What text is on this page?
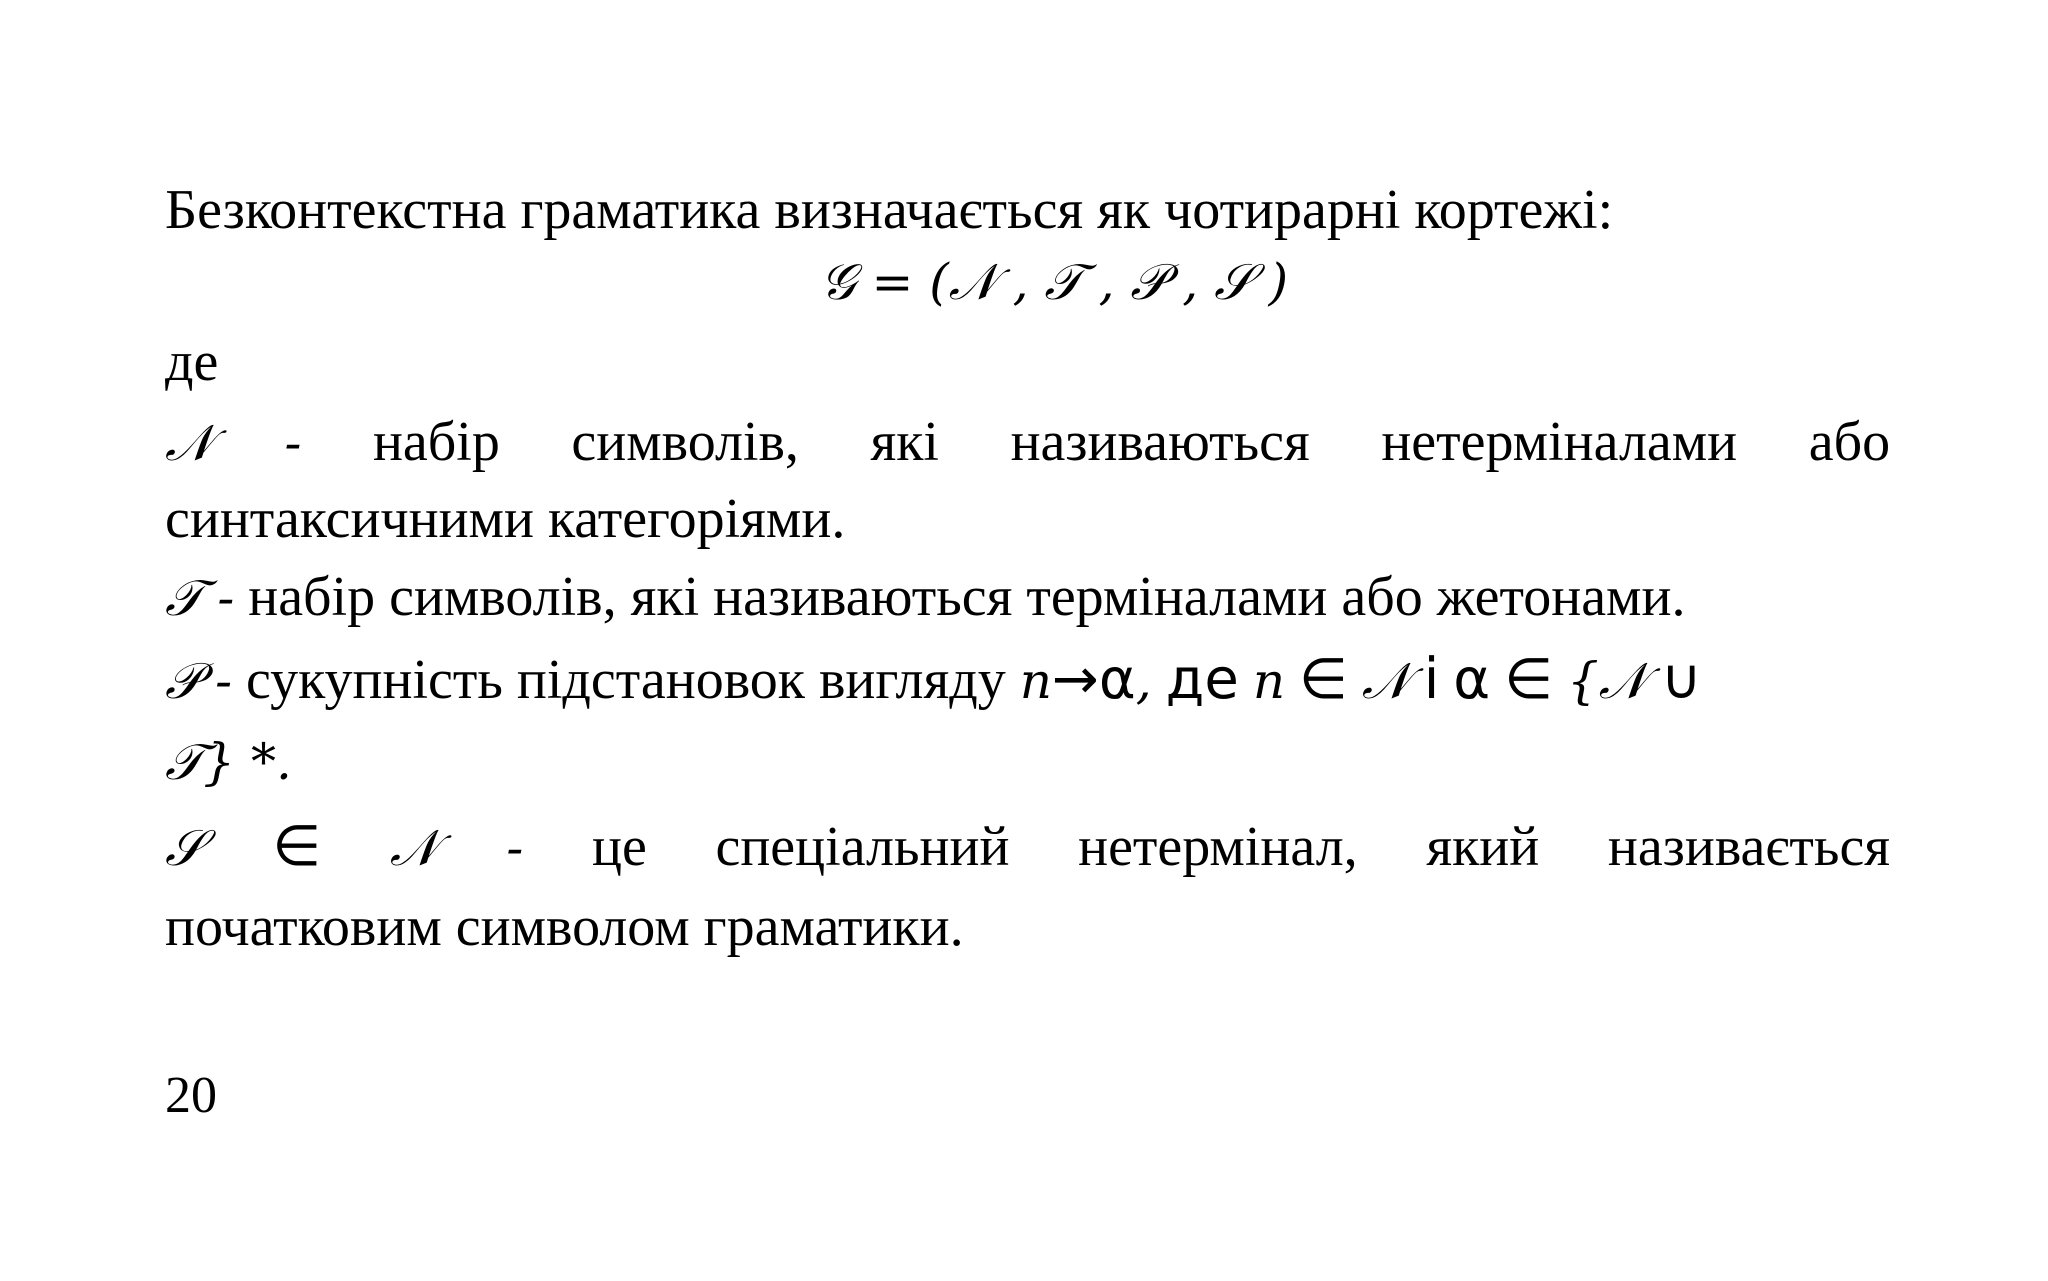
Безконтекстна граматика визначається як чотирарні кортежі:

𝒢 = (𝒩 , 𝒯 , 𝒫 , 𝒮 )

де

𝒩 - набір символів, які називаються нетерміналами або

синтаксичними категоріями.

𝒯 - набір символів, які називаються терміналами або жетонами.

𝒫 - сукупність підстановок вигляду n→α, де n ∈ 𝒩 і α ∈ {𝒩 ∪

𝒯} *.

𝒮 ∈ 𝒩 - це спеціальний нетермінал, який називається

початковим символом граматики.

20
